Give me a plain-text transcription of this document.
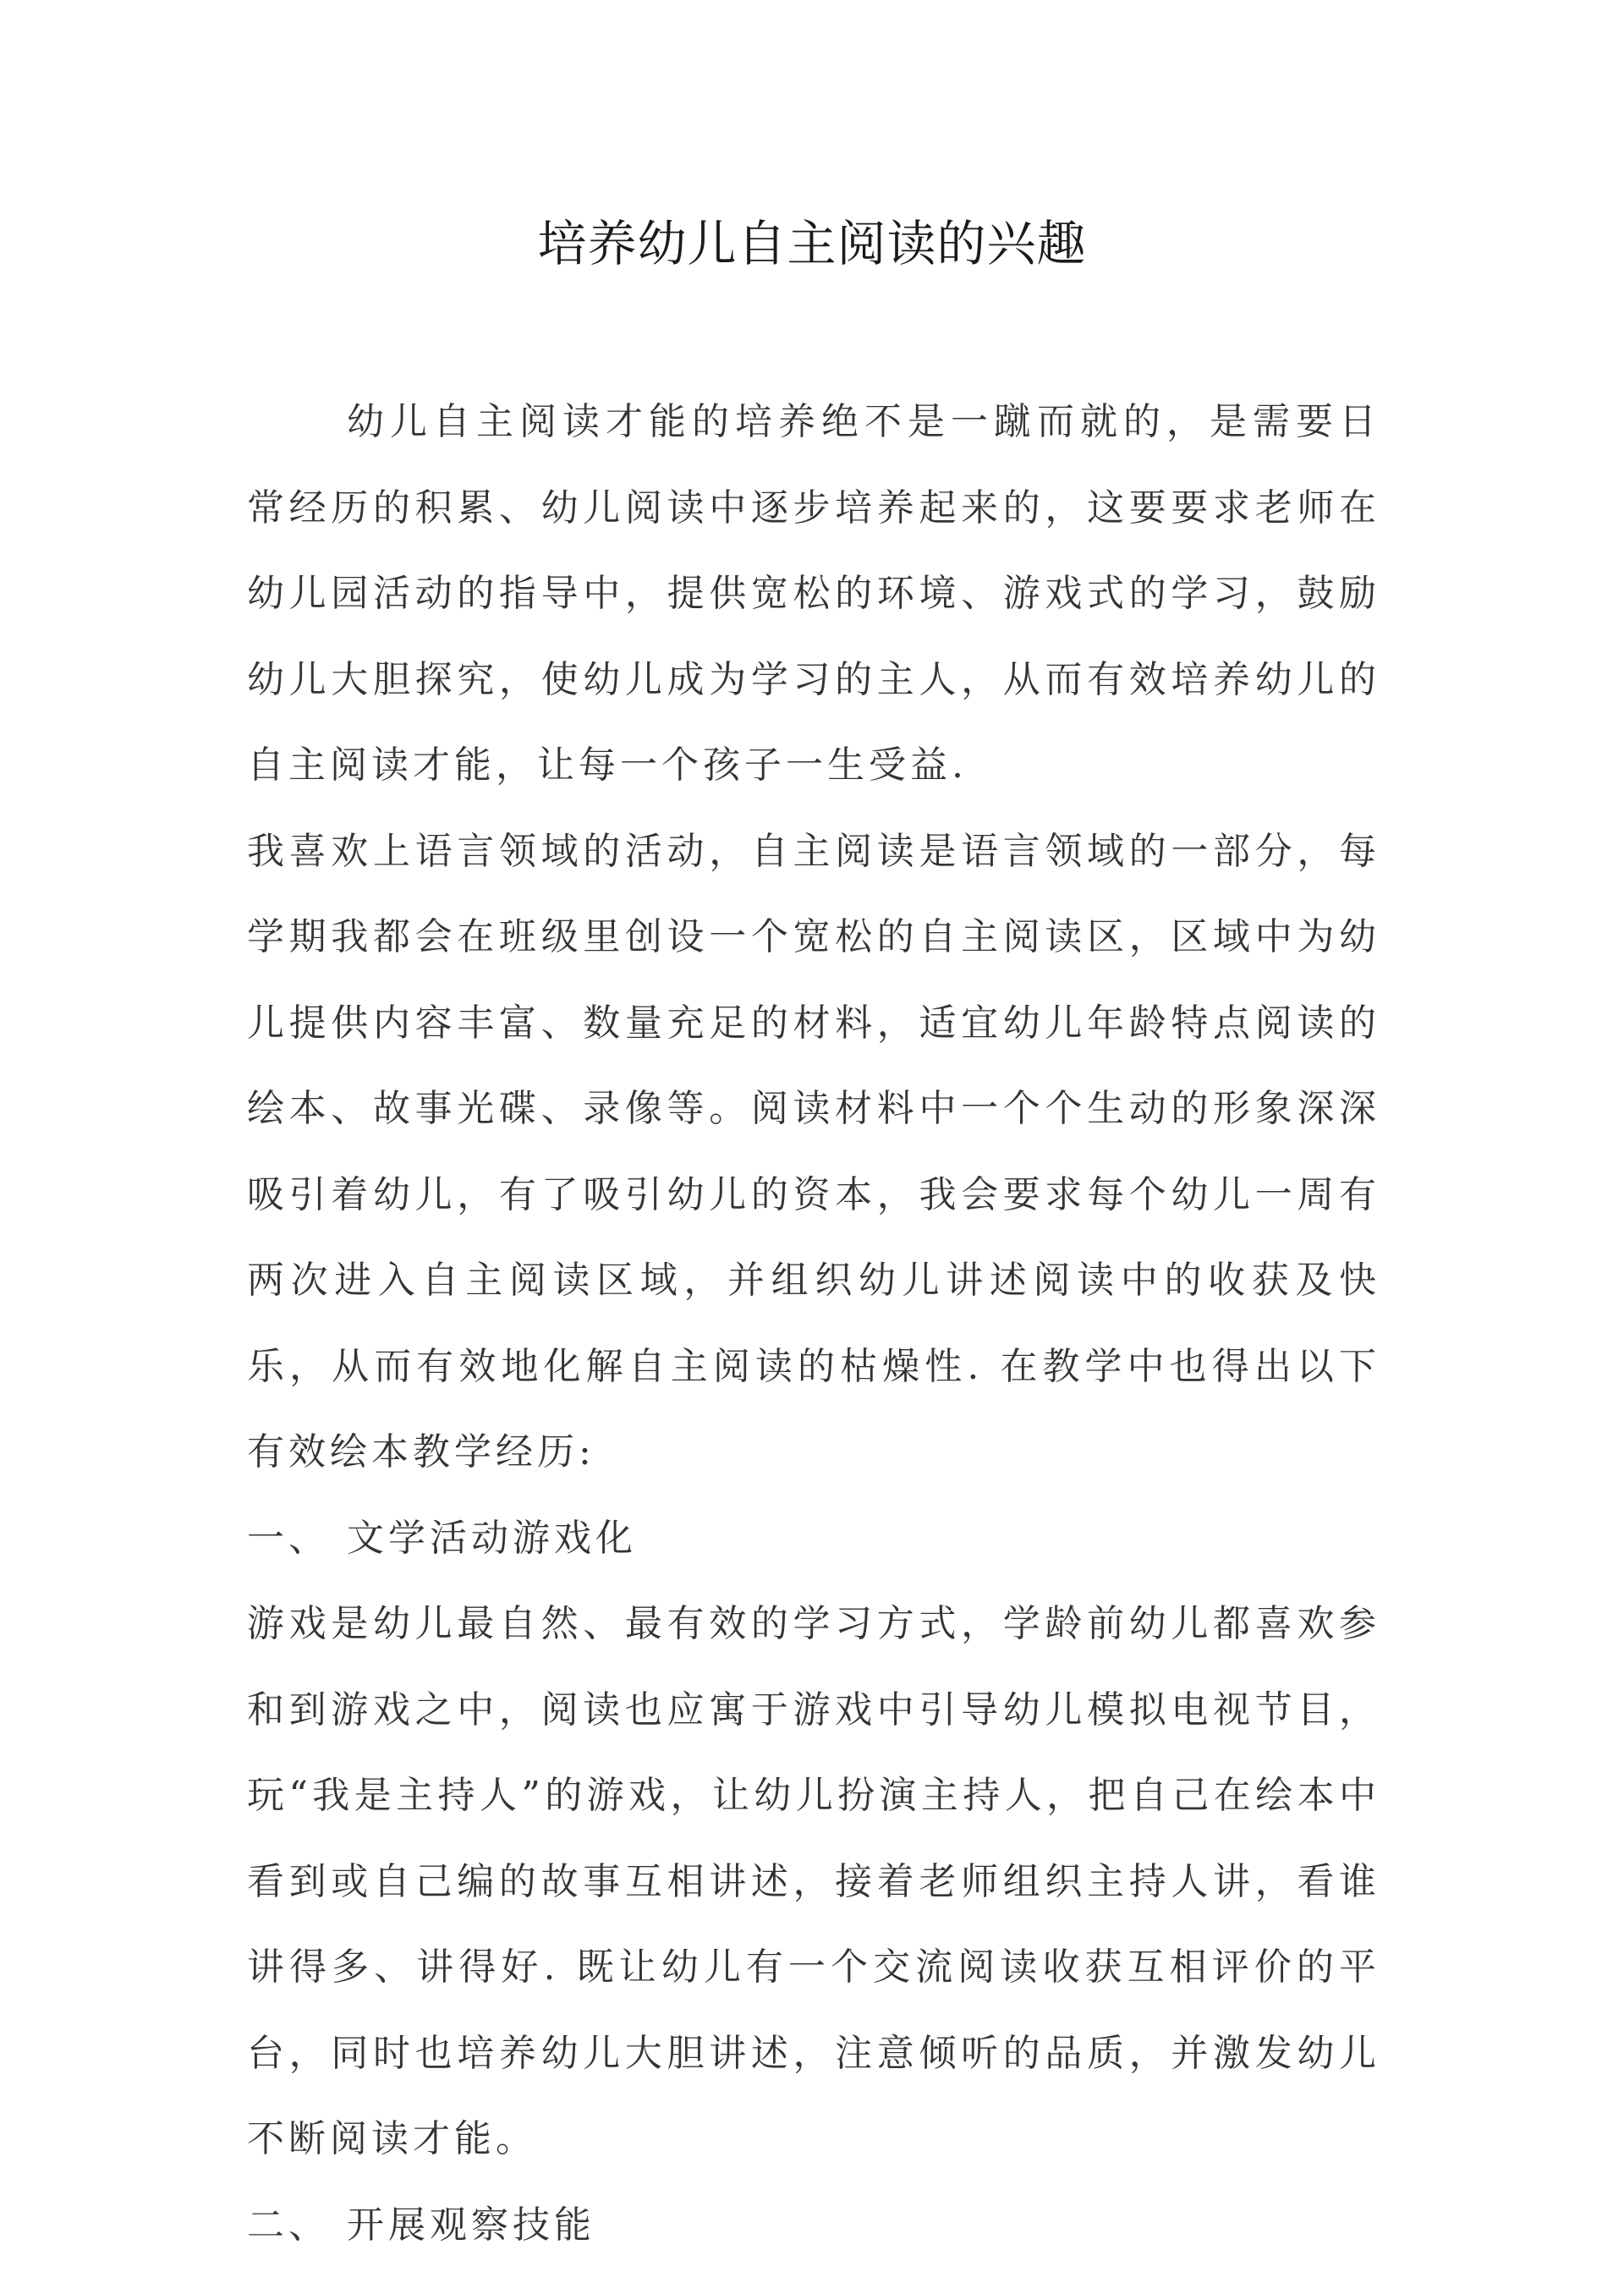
培养幼儿自主阅读的兴趣

幼儿自主阅读才能的培养绝不是一蹴而就的，是需要日常经历的积累、幼儿阅读中逐步培养起来的，这要要求老师在幼儿园活动的指导中，提供宽松的环境、游戏式的学习，鼓励幼儿大胆探究，使幼儿成为学习的主人，从而有效培养幼儿的自主阅读才能，让每一个孩子一生受益.

我喜欢上语言领域的活动，自主阅读是语言领域的一部分，每学期我都会在班级里创设一个宽松的自主阅读区，区域中为幼儿提供内容丰富、数量充足的材料，适宜幼儿年龄特点阅读的绘本、故事光碟、录像等。阅读材料中一个个生动的形象深深吸引着幼儿，有了吸引幼儿的资本，我会要求每个幼儿一周有两次进入自主阅读区域，并组织幼儿讲述阅读中的收获及快乐，从而有效地化解自主阅读的枯燥性. 在教学中也得出以下有效绘本教学经历:

一、 文学活动游戏化

游戏是幼儿最自然、最有效的学习方式，学龄前幼儿都喜欢参和到游戏之中，阅读也应寓于游戏中引导幼儿模拟电视节目，玩“我是主持人”的游戏，让幼儿扮演主持人，把自己在绘本中看到或自己编的故事互相讲述，接着老师组织主持人讲，看谁讲得多、讲得好. 既让幼儿有一个交流阅读收获互相评价的平台，同时也培养幼儿大胆讲述，注意倾听的品质，并激发幼儿不断阅读才能。

二、 开展观察技能
